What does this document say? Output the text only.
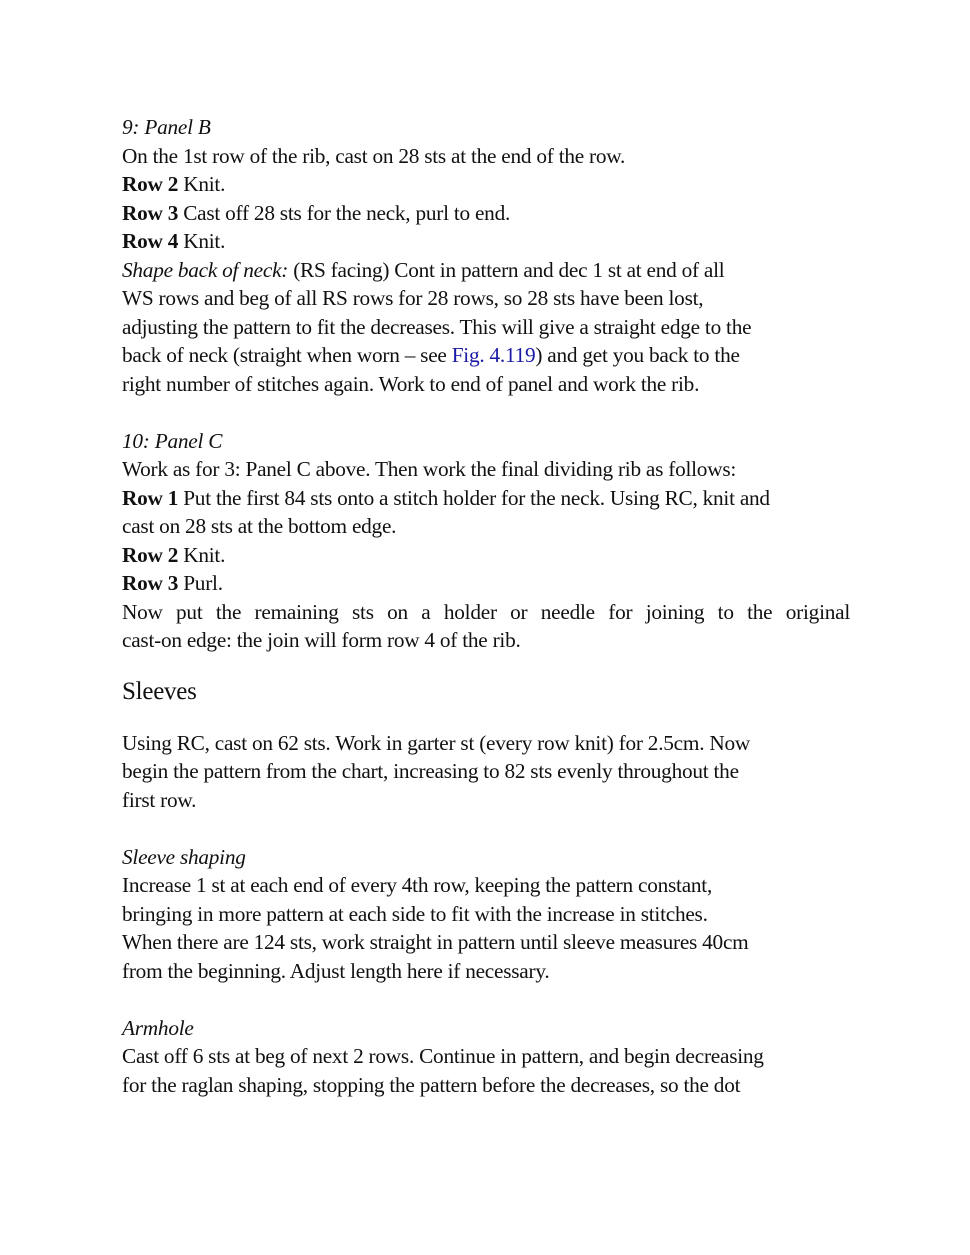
9: Panel B
On the 1st row of the rib, cast on 28 sts at the end of the row.
Row 2 Knit.
Row 3 Cast off 28 sts for the neck, purl to end.
Row 4 Knit.
Shape back of neck: (RS facing) Cont in pattern and dec 1 st at end of all
WS rows and beg of all RS rows for 28 rows, so 28 sts have been lost,
adjusting the pattern to fit the decreases. This will give a straight edge to the
back of neck (straight when worn – see Fig. 4.119) and get you back to the
right number of stitches again. Work to end of panel and work the rib.
10: Panel C
Work as for 3: Panel C above. Then work the final dividing rib as follows:
Row 1 Put the first 84 sts onto a stitch holder for the neck. Using RC, knit and
cast on 28 sts at the bottom edge.
Row 2 Knit.
Row 3 Purl.
Now put the remaining sts on a holder or needle for joining to the original
cast-on edge: the join will form row 4 of the rib.
Sleeves
Using RC, cast on 62 sts. Work in garter st (every row knit) for 2.5cm. Now
begin the pattern from the chart, increasing to 82 sts evenly throughout the
first row.
Sleeve shaping
Increase 1 st at each end of every 4th row, keeping the pattern constant,
bringing in more pattern at each side to fit with the increase in stitches.
When there are 124 sts, work straight in pattern until sleeve measures 40cm
from the beginning. Adjust length here if necessary.
Armhole
Cast off 6 sts at beg of next 2 rows. Continue in pattern, and begin decreasing
for the raglan shaping, stopping the pattern before the decreases, so the dot
